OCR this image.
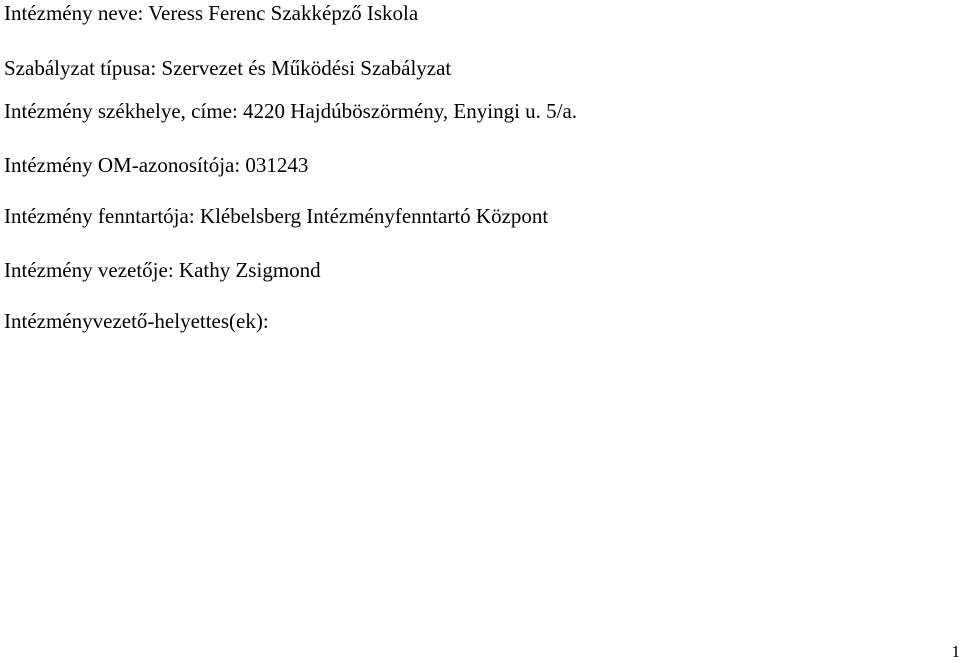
Intézmény neve: Veress Ferenc Szakképző Iskola

Szabályzat típusa: Szervezet és Működési Szabályzat

Intézmény székhelye, címe: 4220 Hajdúböszörmény, Enyingi u. 5/a.

Intézmény OM-azonosítója: 031243

Intézmény fenntartója: Klébelsberg Intézményfenntartó Központ

Intézmény vezetője: Kathy Zsigmond

Intézményvezető-helyettes(ek):

1
